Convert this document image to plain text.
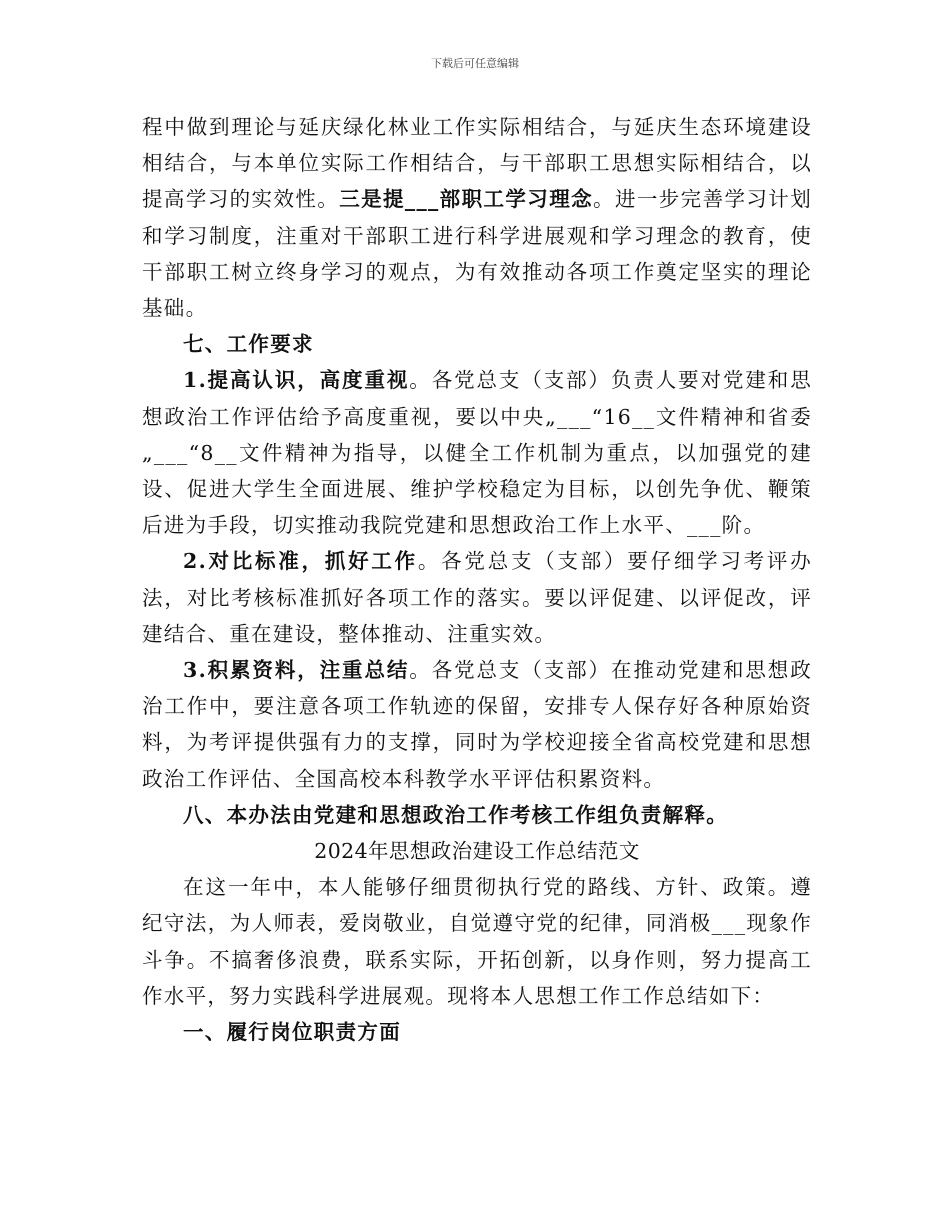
下载后可任意编辑

程中做到理论与延庆绿化林业工作实际相结合，与延庆生态环境建设相结合，与本单位实际工作相结合，与干部职工思想实际相结合，以提高学习的实效性。三是提___部职工学习理念。进一步完善学习计划和学习制度，注重对干部职工进行科学进展观和学习理念的教育，使干部职工树立终身学习的观点，为有效推动各项工作奠定坚实的理论基础。

七、工作要求

1.提高认识，高度重视。各党总支（支部）负责人要对党建和思想政治工作评估给予高度重视，要以中央„___“16__文件精神和省委„___“8__文件精神为指导，以健全工作机制为重点，以加强党的建设、促进大学生全面进展、维护学校稳定为目标，以创先争优、鞭策后进为手段，切实推动我院党建和思想政治工作上水平、___阶。

2.对比标准，抓好工作。各党总支（支部）要仔细学习考评办法，对比考核标准抓好各项工作的落实。要以评促建、以评促改，评建结合、重在建设，整体推动、注重实效。

3.积累资料，注重总结。各党总支（支部）在推动党建和思想政治工作中，要注意各项工作轨迹的保留，安排专人保存好各种原始资料，为考评提供强有力的支撑，同时为学校迎接全省高校党建和思想政治工作评估、全国高校本科教学水平评估积累资料。

八、本办法由党建和思想政治工作考核工作组负责解释。

2024年思想政治建设工作总结范文

在这一年中，本人能够仔细贯彻执行党的路线、方针、政策。遵纪守法，为人师表，爱岗敬业，自觉遵守党的纪律，同消极___现象作斗争。不搞奢侈浪费，联系实际，开拓创新，以身作则，努力提高工作水平，努力实践科学进展观。现将本人思想工作工作总结如下：

一、履行岗位职责方面
